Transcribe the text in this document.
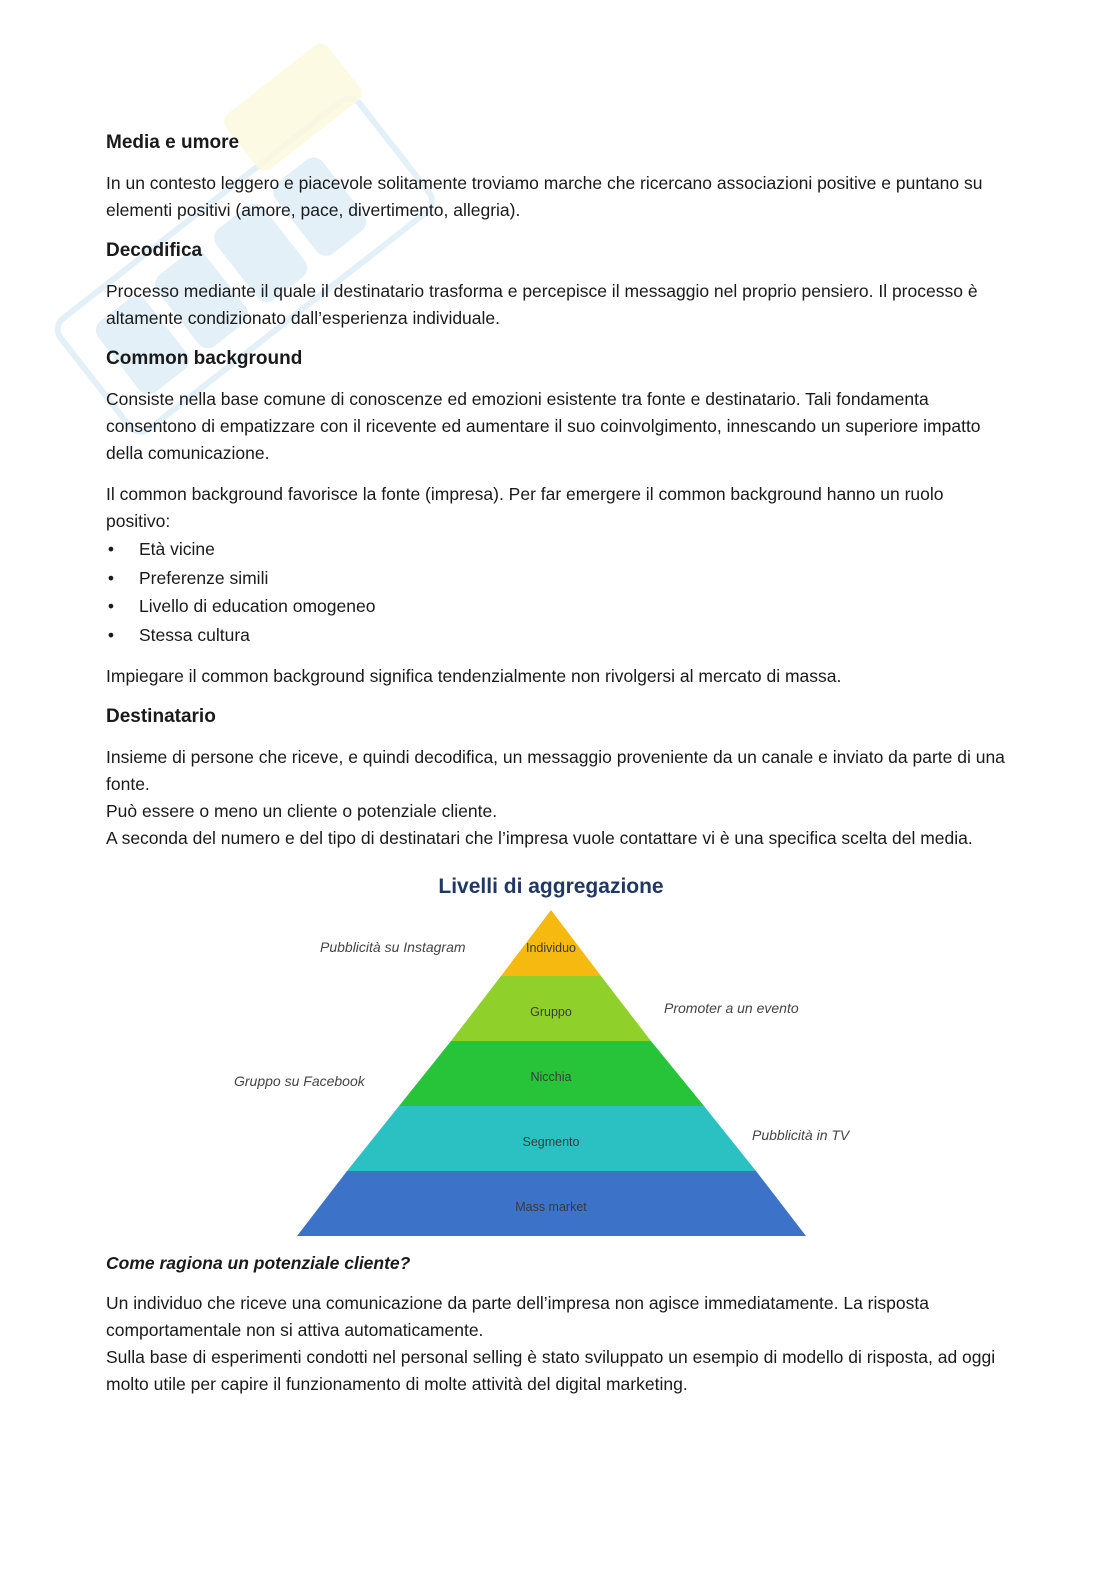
Media e umore

In un contesto leggero e piacevole solitamente troviamo marche che ricercano associazioni positive e puntano su elementi positivi (amore, pace, divertimento, allegria).

Decodifica

Processo mediante il quale il destinatario trasforma e percepisce il messaggio nel proprio pensiero. Il processo è altamente condizionato dall’esperienza individuale.

Common background

Consiste nella base comune di conoscenze ed emozioni esistente tra fonte e destinatario. Tali fondamenta consentono di empatizzare con il ricevente ed aumentare il suo coinvolgimento, innescando un superiore impatto della comunicazione.

Il common background favorisce la fonte (impresa). Per far emergere il common background hanno un ruolo positivo:

• Età vicine
• Preferenze simili
• Livello di education omogeneo
• Stessa cultura

Impiegare il common background significa tendenzialmente non rivolgersi al mercato di massa.

Destinatario

Insieme di persone che riceve, e quindi decodifica, un messaggio proveniente da un canale e inviato da parte di una fonte.

Può essere o meno un cliente o potenziale cliente.

A seconda del numero e del tipo di destinatari che l’impresa vuole contattare vi è una specifica scelta del media.

Livelli di aggregazione
Individuo
Gruppo
Nicchia
Segmento
Mass market
Pubblicità su Instagram
Promoter a un evento
Gruppo su Facebook
Pubblicità in TV

Come ragiona un potenziale cliente?

Un individuo che riceve una comunicazione da parte dell’impresa non agisce immediatamente. La risposta comportamentale non si attiva automaticamente.

Sulla base di esperimenti condotti nel personal selling è stato sviluppato un esempio di modello di risposta, ad oggi molto utile per capire il funzionamento di molte attività del digital marketing.
